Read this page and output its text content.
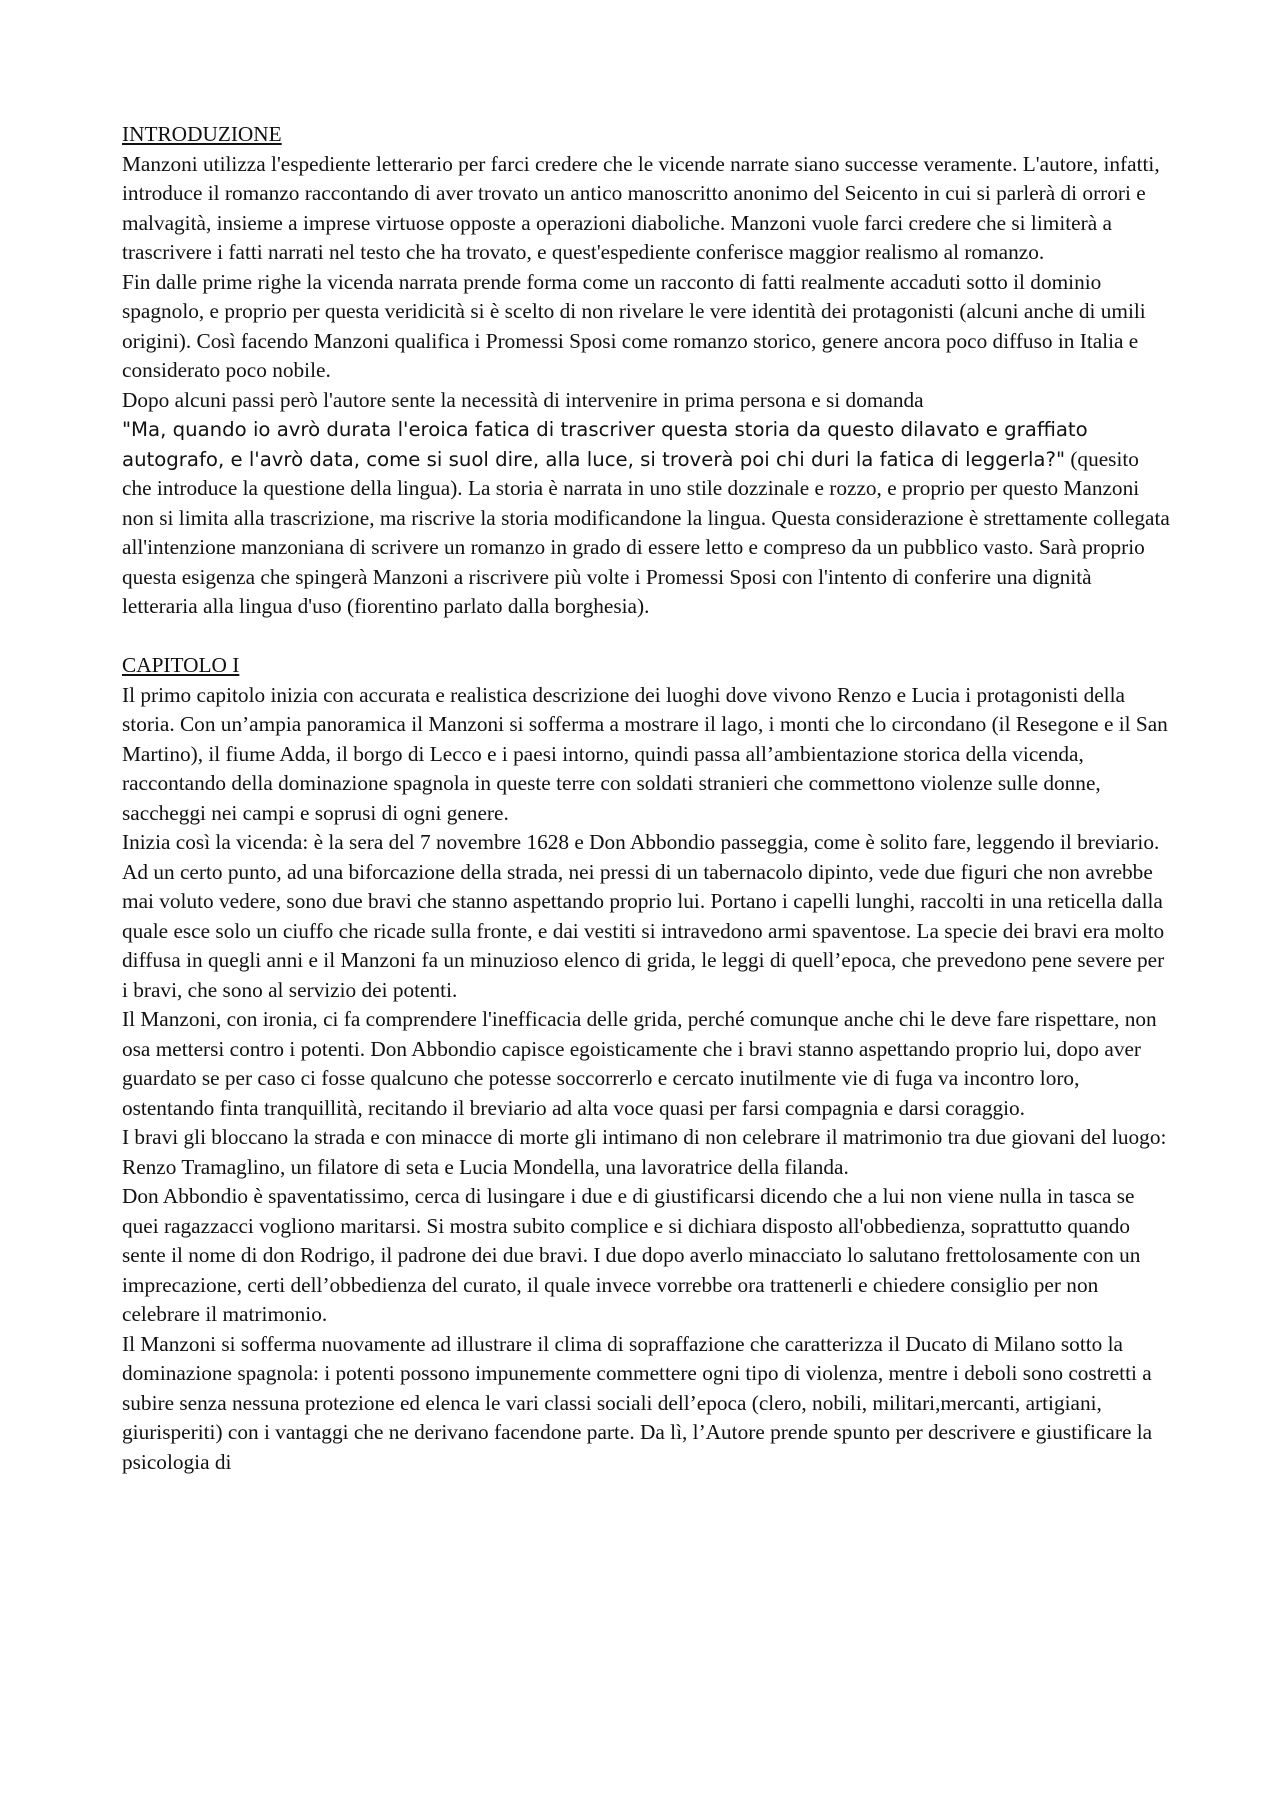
INTRODUZIONE

Manzoni utilizza l'espediente letterario per farci credere che le vicende narrate siano successe veramente. L'autore, infatti, introduce il romanzo raccontando di aver trovato un antico manoscritto anonimo del Seicento in cui si parlerà di orrori e malvagità, insieme a imprese virtuose opposte a operazioni diaboliche. Manzoni vuole farci credere che si limiterà a trascrivere i fatti narrati nel testo che ha trovato, e quest'espediente conferisce maggior realismo al romanzo.

Fin dalle prime righe la vicenda narrata prende forma come un racconto di fatti realmente accaduti sotto il dominio spagnolo, e proprio per questa veridicità si è scelto di non rivelare le vere identità dei protagonisti (alcuni anche di umili origini). Così facendo Manzoni qualifica i Promessi Sposi come romanzo storico, genere ancora poco diffuso in Italia e considerato poco nobile.

Dopo alcuni passi però l'autore sente la necessità di intervenire in prima persona e si domanda
"Ma, quando io avrò durata l'eroica fatica di trascriver questa storia da questo dilavato e graffiato autografo, e l'avrò data, come si suol dire, alla luce, si troverà poi chi duri la fatica di leggerla?" (quesito che introduce la questione della lingua). La storia è narrata in uno stile dozzinale e rozzo, e proprio per questo Manzoni non si limita alla trascrizione, ma riscrive la storia modificandone la lingua. Questa considerazione è strettamente collegata all'intenzione manzoniana di scrivere un romanzo in grado di essere letto e compreso da un pubblico vasto. Sarà proprio questa esigenza che spingerà Manzoni a riscrivere più volte i Promessi Sposi con l'intento di conferire una dignità letteraria alla lingua d'uso (fiorentino parlato dalla borghesia).

CAPITOLO I

Il primo capitolo inizia con accurata e realistica descrizione dei luoghi dove vivono Renzo e Lucia i protagonisti della storia. Con un’ampia panoramica il Manzoni si sofferma a mostrare il lago, i monti che lo circondano (il Resegone e il San Martino), il fiume Adda, il borgo di Lecco e i paesi intorno, quindi passa all’ambientazione storica della vicenda, raccontando della dominazione spagnola in queste terre con soldati stranieri che commettono violenze sulle donne, saccheggi nei campi e soprusi di ogni genere.

Inizia così la vicenda: è la sera del 7 novembre 1628 e Don Abbondio passeggia, come è solito fare, leggendo il breviario. Ad un certo punto, ad una biforcazione della strada, nei pressi di un tabernacolo dipinto, vede due figuri che non avrebbe mai voluto vedere, sono due bravi che stanno aspettando proprio lui. Portano i capelli lunghi, raccolti in una reticella dalla quale esce solo un ciuffo che ricade sulla fronte, e dai vestiti si intravedono armi spaventose. La specie dei bravi era molto diffusa in quegli anni e il Manzoni fa un minuzioso elenco di grida, le leggi di quell’epoca, che prevedono pene severe per i bravi, che sono al servizio dei potenti.

Il Manzoni, con ironia, ci fa comprendere l'inefficacia delle grida, perché comunque anche chi le deve fare rispettare, non osa mettersi contro i potenti. Don Abbondio capisce egoisticamente che i bravi stanno aspettando proprio lui, dopo aver guardato se per caso ci fosse qualcuno che potesse soccorrerlo e cercato inutilmente vie di fuga va incontro loro, ostentando finta tranquillità, recitando il breviario ad alta voce quasi per farsi compagnia e darsi coraggio.

I bravi gli bloccano la strada e con minacce di morte gli intimano di non celebrare il matrimonio tra due giovani del luogo: Renzo Tramaglino, un filatore di seta e Lucia Mondella, una lavoratrice della filanda.

Don Abbondio è spaventatissimo, cerca di lusingare i due e di giustificarsi dicendo che a lui non viene nulla in tasca se quei ragazzacci vogliono maritarsi. Si mostra subito complice e si dichiara disposto all'obbedienza, soprattutto quando sente il nome di don Rodrigo, il padrone dei due bravi. I due dopo averlo minacciato lo salutano frettolosamente con un imprecazione, certi dell’obbedienza del curato, il quale invece vorrebbe ora trattenerli e chiedere consiglio per non celebrare il matrimonio.

Il Manzoni si sofferma nuovamente ad illustrare il clima di sopraffazione che caratterizza il Ducato di Milano sotto la dominazione spagnola: i potenti possono impunemente commettere ogni tipo di violenza, mentre i deboli sono costretti a subire senza nessuna protezione ed elenca le vari classi sociali dell’epoca (clero, nobili, militari,mercanti, artigiani, giurisperiti) con i vantaggi che ne derivano facendone parte. Da lì, l’Autore prende spunto per descrivere e giustificare la psicologia di
